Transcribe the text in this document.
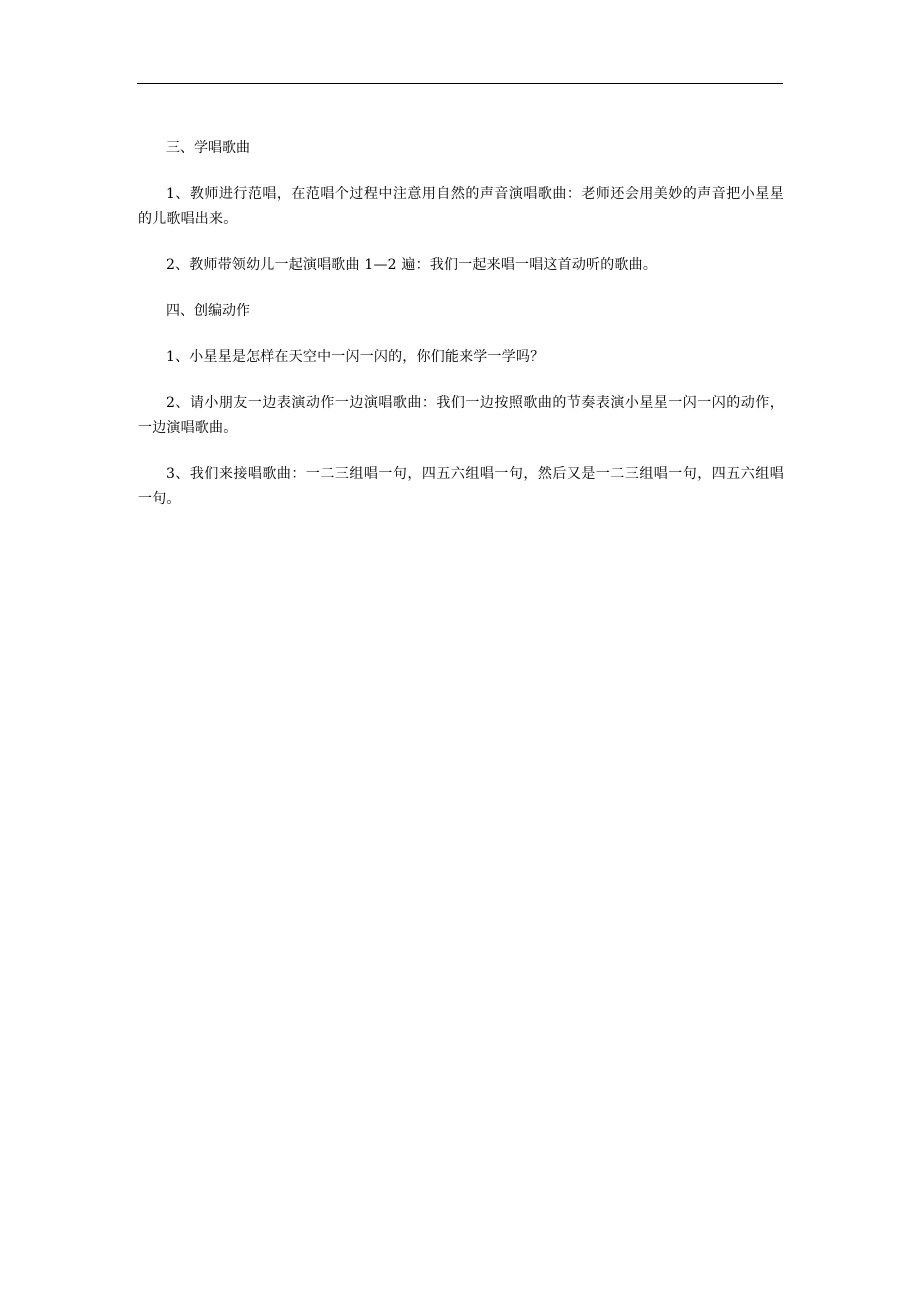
三、学唱歌曲

1、教师进行范唱，在范唱个过程中注意用自然的声音演唱歌曲：老师还会用美妙的声音把小星星的儿歌唱出来。

2、教师带领幼儿一起演唱歌曲 1—2 遍：我们一起来唱一唱这首动听的歌曲。

四、创编动作

1、小星星是怎样在天空中一闪一闪的，你们能来学一学吗？

2、请小朋友一边表演动作一边演唱歌曲：我们一边按照歌曲的节奏表演小星星一闪一闪的动作，一边演唱歌曲。

3、我们来接唱歌曲：一二三组唱一句，四五六组唱一句，然后又是一二三组唱一句，四五六组唱一句。
